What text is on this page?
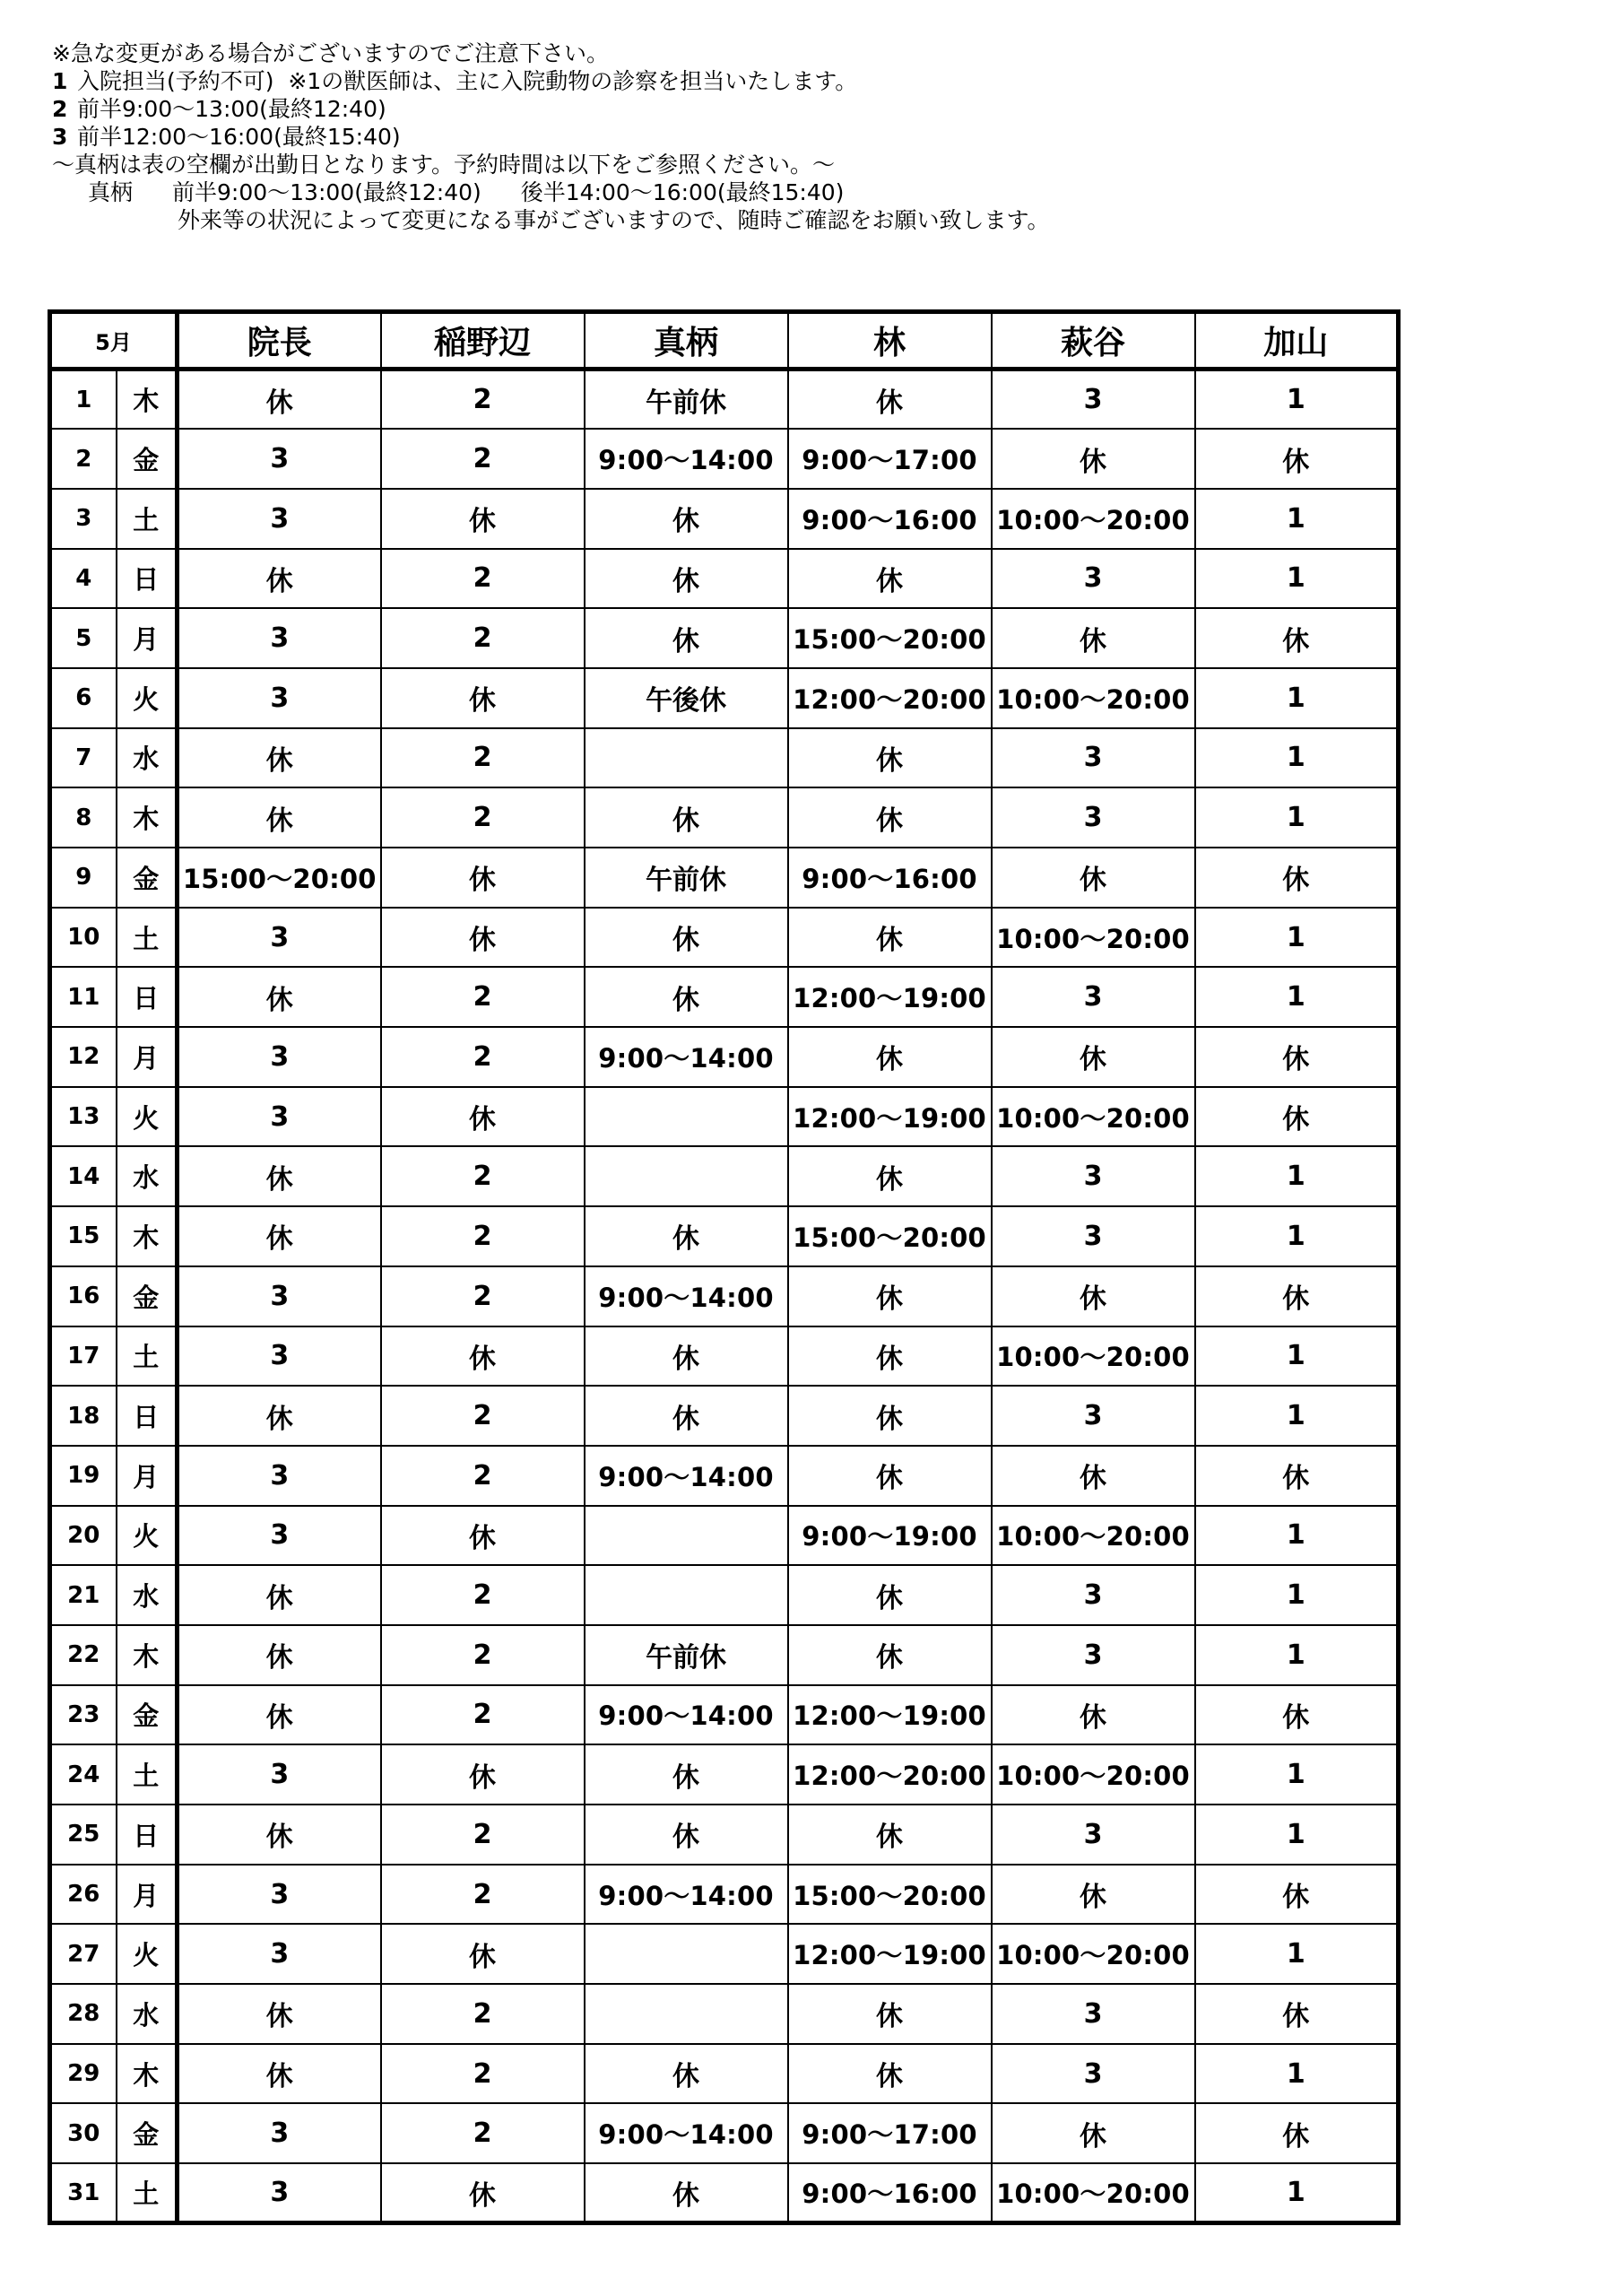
※急な変更がある場合がございますのでご注意下さい。
1 入院担当(予約不可)  ※1の獣医師は、主に入院動物の診察を担当いたします。
2 前半9:00～13:00(最終12:40)
3 前半12:00～16:00(最終15:40)
～真柄は表の空欄が出勤日となります。予約時間は以下をご参照ください。～
真柄 前半9:00～13:00(最終12:40) 後半14:00～16:00(最終15:40)
外来等の状況によって変更になる事がございますので、随時ご確認をお願い致します。
5月		院長	稲野辺	真柄	林	萩谷	加山
1	木	休	2	午前休	休	3	1
2	金	3	2	9:00～14:00	9:00～17:00	休	休
3	土	3	休	休	9:00～16:00	10:00～20:00	1
4	日	休	2	休	休	3	1
5	月	3	2	休	15:00～20:00	休	休
6	火	3	休	午後休	12:00～20:00	10:00～20:00	1
7	水	休	2		休	3	1
8	木	休	2	休	休	3	1
9	金	15:00～20:00	休	午前休	9:00～16:00	休	休
10	土	3	休	休	休	10:00～20:00	1
11	日	休	2	休	12:00～19:00	3	1
12	月	3	2	9:00～14:00	休	休	休
13	火	3	休		12:00～19:00	10:00～20:00	休
14	水	休	2		休	3	1
15	木	休	2	休	15:00～20:00	3	1
16	金	3	2	9:00～14:00	休	休	休
17	土	3	休	休	休	10:00～20:00	1
18	日	休	2	休	休	3	1
19	月	3	2	9:00～14:00	休	休	休
20	火	3	休		9:00～19:00	10:00～20:00	1
21	水	休	2		休	3	1
22	木	休	2	午前休	休	3	1
23	金	休	2	9:00～14:00	12:00～19:00	休	休
24	土	3	休	休	12:00～20:00	10:00～20:00	1
25	日	休	2	休	休	3	1
26	月	3	2	9:00～14:00	15:00～20:00	休	休
27	火	3	休		12:00～19:00	10:00～20:00	1
28	水	休	2		休	3	休
29	木	休	2	休	休	3	1
30	金	3	2	9:00～14:00	9:00～17:00	休	休
31	土	3	休	休	9:00～16:00	10:00～20:00	1
